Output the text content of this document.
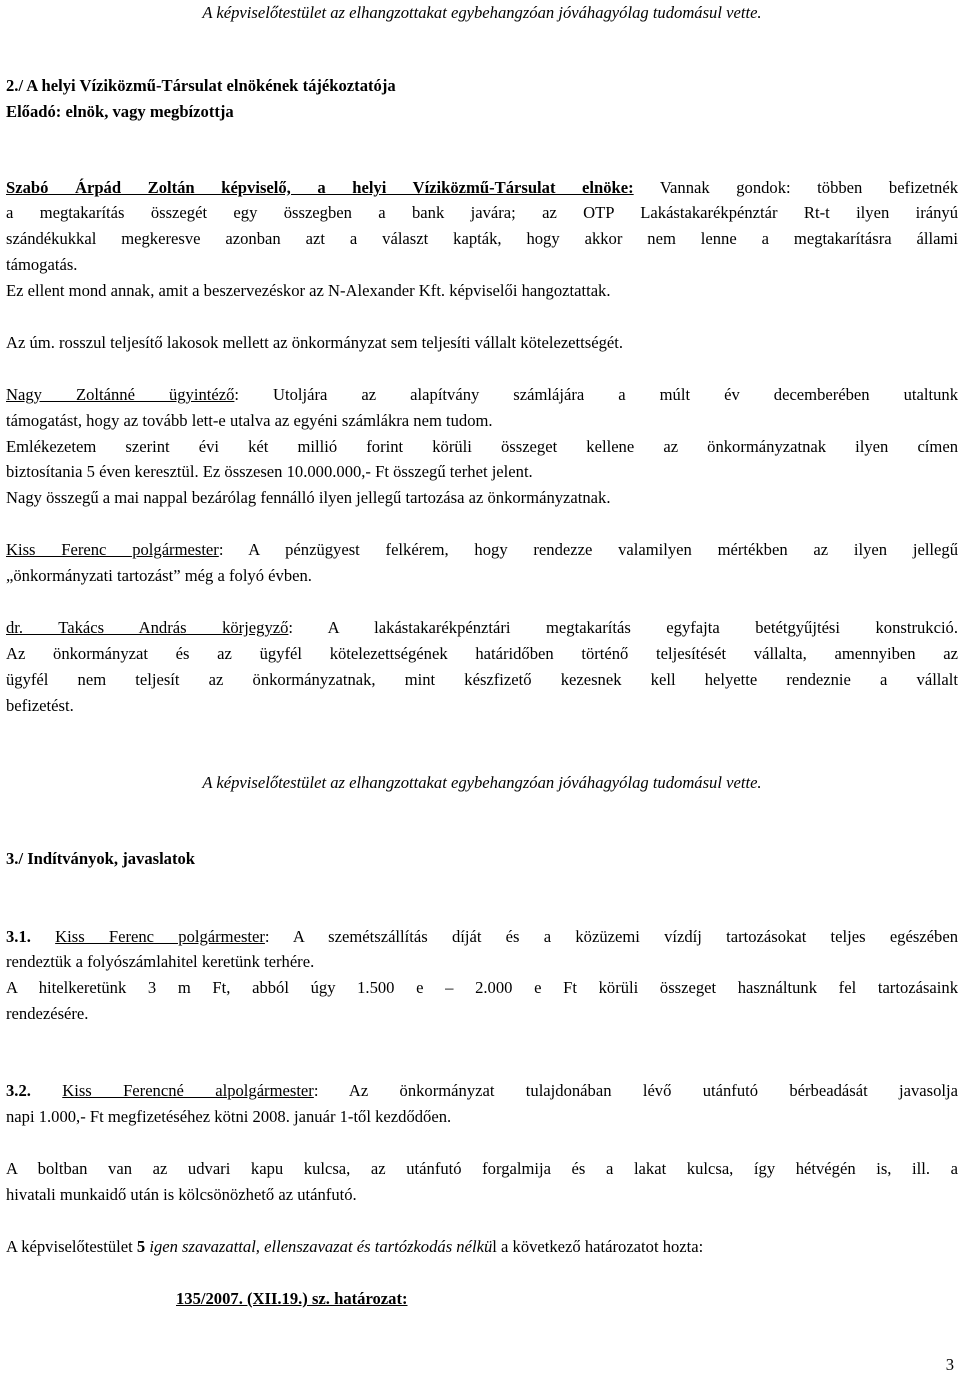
A képviselőtestület az elhangzottakat egybehangzóan jóváhagyólag tudomásul vette.
2./ A helyi Víziközmű-Társulat elnökének tájékoztatója
Előadó: elnök, vagy megbízottja
Szabó Árpád Zoltán képviselő, a helyi Víziközmű-Társulat elnöke: Vannak gondok: többen befizetnék
a megtakarítás összegét egy összegben a bank javára; az OTP Lakástakarékpénztár Rt-t ilyen irányú
szándékukkal megkeresve azonban azt a választ kapták, hogy akkor nem lenne a megtakarításra állami
támogatás.
Ez ellent mond annak, amit a beszervezéskor az N-Alexander Kft. képviselői hangoztattak.
Az úm. rosszul teljesítő lakosok mellett az önkormányzat sem teljesíti vállalt kötelezettségét.
Nagy Zoltánné ügyintéző: Utoljára az alapítvány számlájára a múlt év decemberében utaltunk
támogatást, hogy az tovább lett-e utalva az egyéni számlákra nem tudom.
Emlékezetem szerint évi két millió forint körüli összeget kellene az önkormányzatnak ilyen címen
biztosítania 5 éven keresztül. Ez összesen 10.000.000,- Ft összegű terhet jelent.
Nagy összegű a mai nappal bezárólag fennálló ilyen jellegű tartozása az önkormányzatnak.
Kiss Ferenc polgármester: A pénzügyest felkérem, hogy rendezze valamilyen mértékben az ilyen jellegű
„önkormányzati tartozást” még a folyó évben.
dr. Takács András körjegyző: A lakástakarékpénztári megtakarítás egyfajta betétgyűjtési konstrukció.
Az önkormányzat és az ügyfél kötelezettségének határidőben történő teljesítését vállalta, amennyiben az
ügyfél nem teljesít az önkormányzatnak, mint készfizető kezesnek kell helyette rendeznie a vállalt
befizetést.
A képviselőtestület az elhangzottakat egybehangzóan jóváhagyólag tudomásul vette.
3./ Indítványok, javaslatok
3.1. Kiss Ferenc polgármester: A szemétszállítás díját és a közüzemi vízdíj tartozásokat teljes egészében
rendeztük a folyószámlahitel keretünk terhére.
A hitelkeretünk 3 m Ft, abból úgy 1.500 e – 2.000 e Ft körüli összeget használtunk fel tartozásaink
rendezésére.
3.2. Kiss Ferencné alpolgármester: Az önkormányzat tulajdonában lévő utánfutó bérbeadását javasolja
napi 1.000,- Ft megfizetéséhez kötni 2008. január 1-től kezdődően.
A boltban van az udvari kapu kulcsa, az utánfutó forgalmija és a lakat kulcsa, így hétvégén is, ill. a
hivatali munkaidő után is kölcsönözhető az utánfutó.
A képviselőtestület 5 igen szavazattal, ellenszavazat és tartózkodás nélkül a következő határozatot hozta:
135/2007. (XII.19.) sz. határozat:
3
